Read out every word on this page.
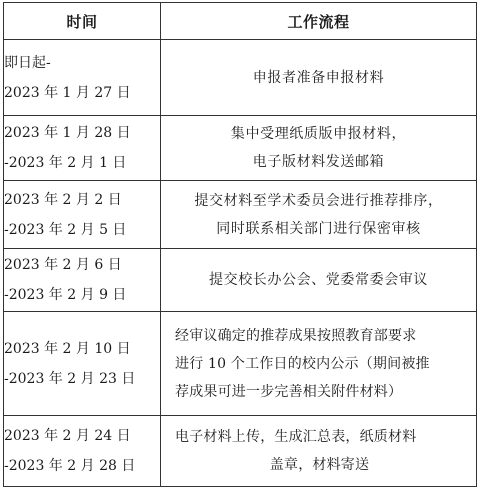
时间	工作流程

即日起-
2023 年 1 月 27 日	申报者准备申报材料

2023 年 1 月 28 日
-2023 年 2 月 1 日	集中受理纸质版申报材料，
电子版材料发送邮箱

2023 年 2 月 2 日
-2023 年 2 月 5 日	提交材料至学术委员会进行推荐排序，
同时联系相关部门进行保密审核

2023 年 2 月 6 日
-2023 年 2 月 9 日	提交校长办公会、党委常委会审议

2023 年 2 月 10 日
-2023 年 2 月 23 日	经审议确定的推荐成果按照教育部要求
进行 10 个工作日的校内公示（期间被推
荐成果可进一步完善相关附件材料）

2023 年 2 月 24 日
-2023 年 2 月 28 日	电子材料上传，生成汇总表，纸质材料
盖章，材料寄送
